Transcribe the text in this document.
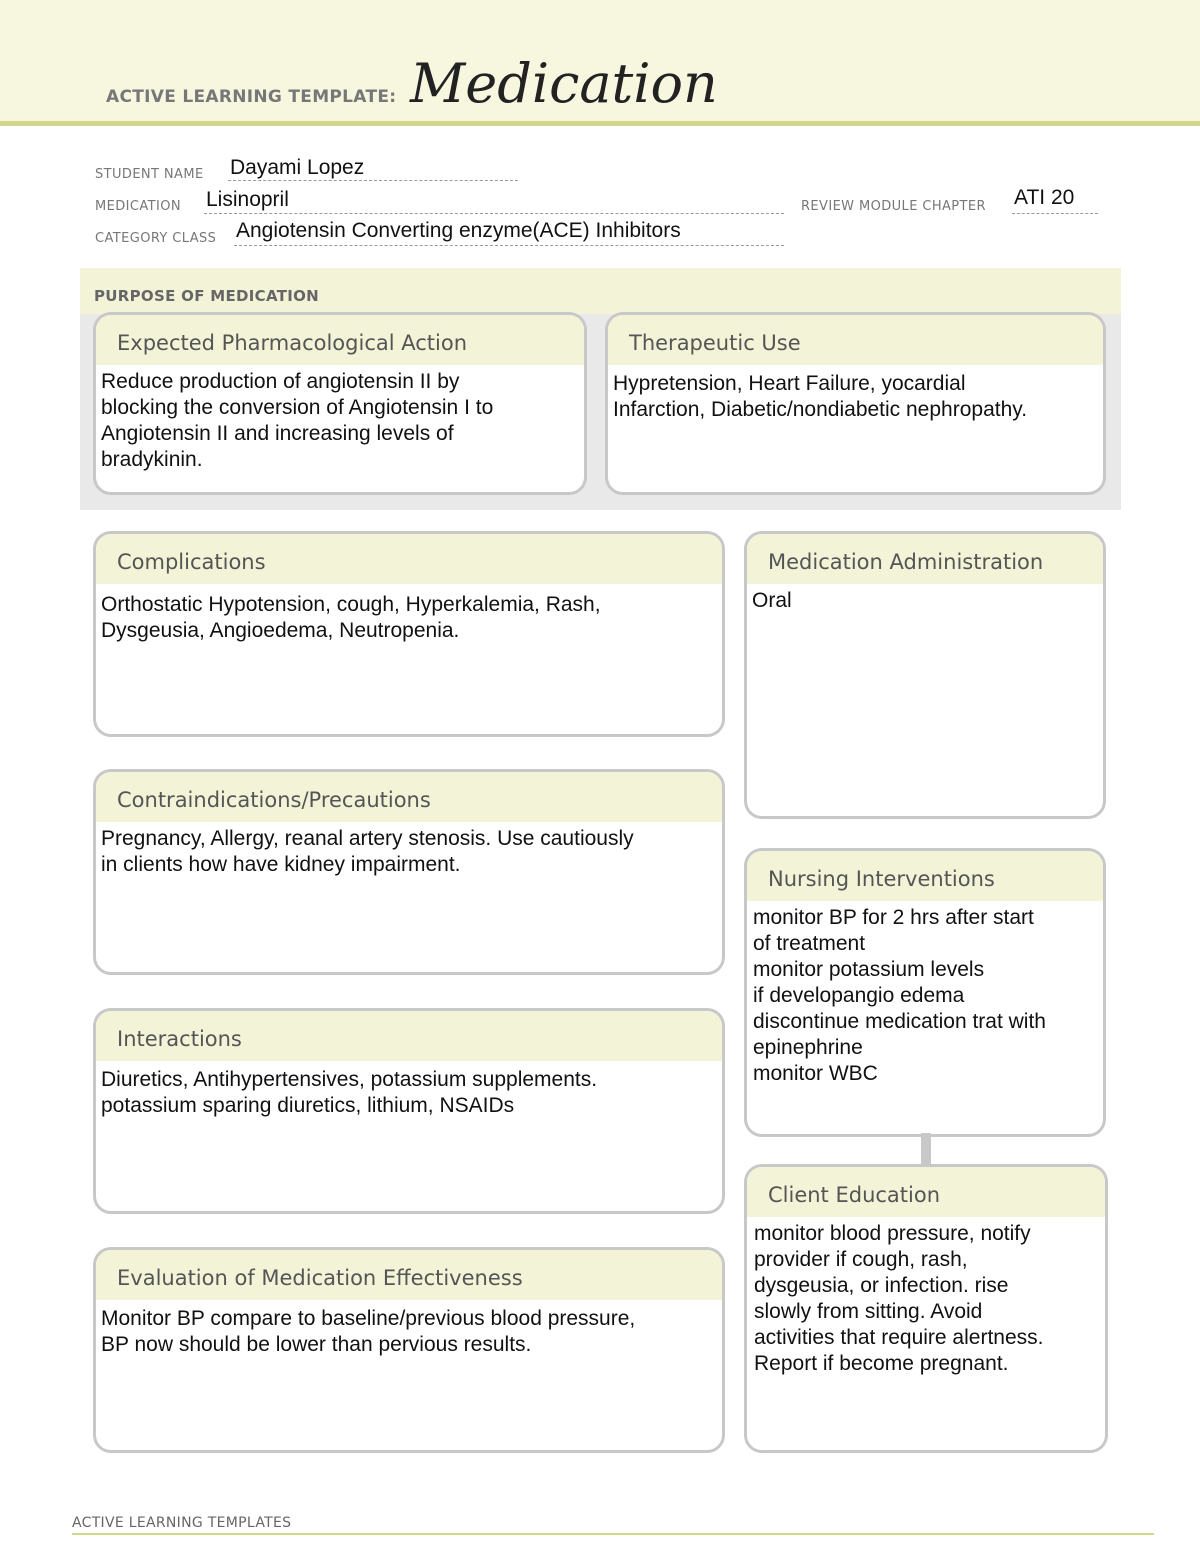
ACTIVE LEARNING TEMPLATE: Medication
STUDENT NAME Dayami Lopez
MEDICATION Lisinopril	REVIEW MODULE CHAPTER ATI 20
CATEGORY CLASS Angiotensin Converting enzyme(ACE) Inhibitors
PURPOSE OF MEDICATION
Expected Pharmacological Action
Reduce production of angiotensin II by
blocking the conversion of Angiotensin I to
Angiotensin II and increasing levels of
bradykinin.
Therapeutic Use
Hypretension, Heart Failure, yocardial
Infarction, Diabetic/nondiabetic nephropathy.
Complications
Orthostatic Hypotension, cough, Hyperkalemia, Rash,
Dysgeusia, Angioedema, Neutropenia.
Contraindications/Precautions
Pregnancy, Allergy, reanal artery stenosis. Use cautiously
in clients how have kidney impairment.
Interactions
Diuretics, Antihypertensives, potassium supplements.
potassium sparing diuretics, lithium, NSAIDs
Evaluation of Medication Effectiveness
Monitor BP compare to baseline/previous blood pressure,
BP now should be lower than pervious results.
Medication Administration
Oral
Nursing Interventions
monitor BP for 2 hrs after start
of treatment
monitor potassium levels
if developangio edema
discontinue medication trat with
epinephrine
monitor WBC
Client Education
monitor blood pressure, notify
provider if cough, rash,
dysgeusia, or infection. rise
slowly from sitting. Avoid
activities that require alertness.
Report if become pregnant.
ACTIVE LEARNING TEMPLATES
